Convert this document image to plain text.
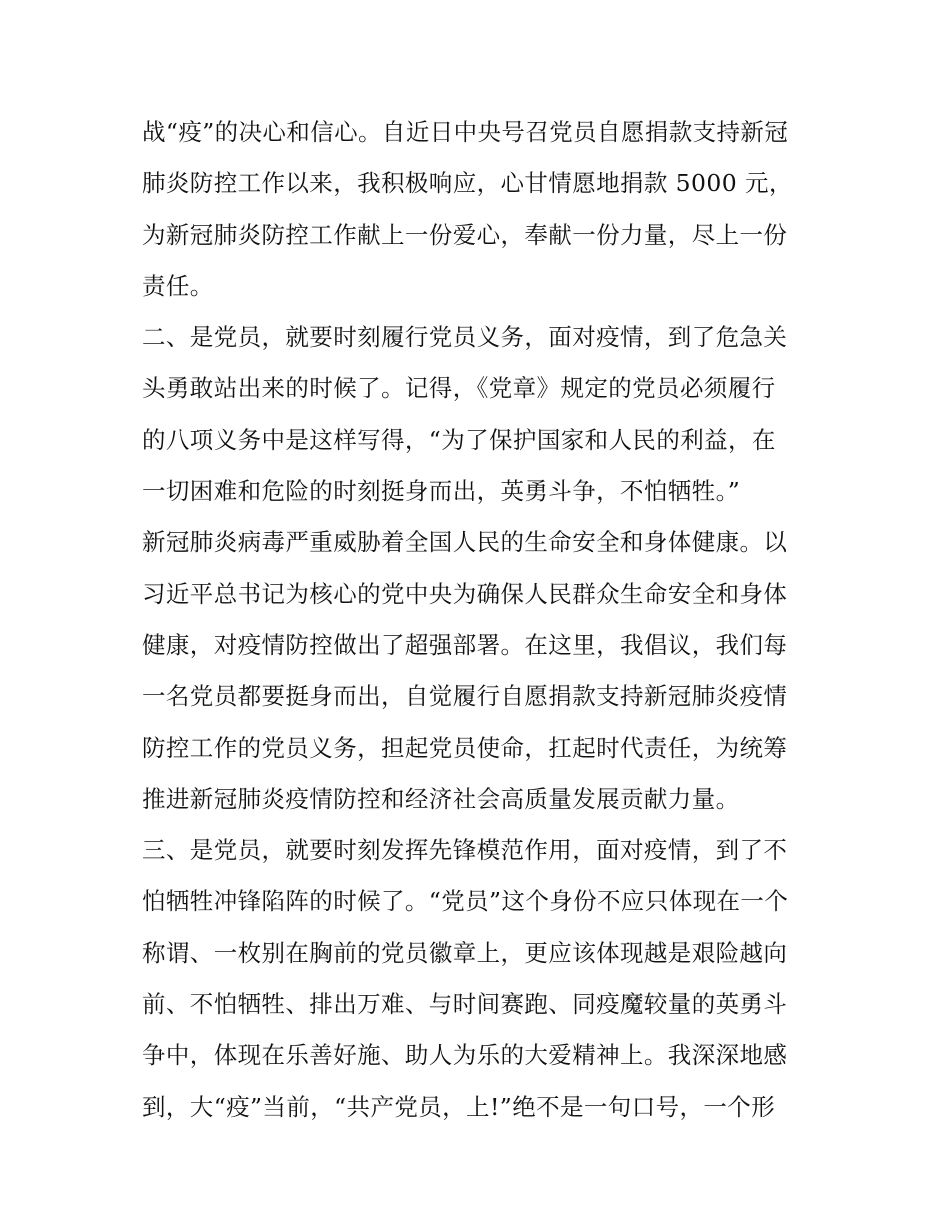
战“疫”的决心和信心。自近日中央号召党员自愿捐款支持新冠
肺炎防控工作以来，我积极响应，心甘情愿地捐款 5000 元，
为新冠肺炎防控工作献上一份爱心，奉献一份力量，尽上一份
责任。
二、是党员，就要时刻履行党员义务，面对疫情，到了危急关
头勇敢站出来的时候了。记得，《党章》规定的党员必须履行
的八项义务中是这样写得，“为了保护国家和人民的利益，在
一切困难和危险的时刻挺身而出，英勇斗争，不怕牺牲。”
新冠肺炎病毒严重威胁着全国人民的生命安全和身体健康。以
习近平总书记为核心的党中央为确保人民群众生命安全和身体
健康，对疫情防控做出了超强部署。在这里，我倡议，我们每
一名党员都要挺身而出，自觉履行自愿捐款支持新冠肺炎疫情
防控工作的党员义务，担起党员使命，扛起时代责任，为统筹
推进新冠肺炎疫情防控和经济社会高质量发展贡献力量。
三、是党员，就要时刻发挥先锋模范作用，面对疫情，到了不
怕牺牲冲锋陷阵的时候了。“党员”这个身份不应只体现在一个
称谓、一枚别在胸前的党员徽章上，更应该体现越是艰险越向
前、不怕牺牲、排出万难、与时间赛跑、同疫魔较量的英勇斗
争中，体现在乐善好施、助人为乐的大爱精神上。我深深地感
到，大“疫”当前，“共产党员，上!”绝不是一句口号，一个形
